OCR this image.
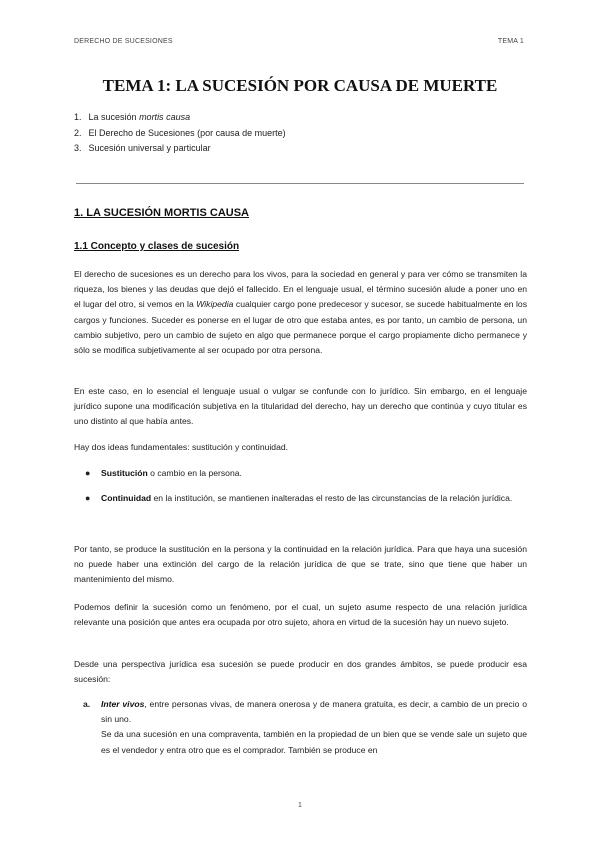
DERECHO DE SUCESIONES	TEMA 1
TEMA 1: LA SUCESIÓN POR CAUSA DE MUERTE
1. La sucesión mortis causa
2. El Derecho de Sucesiones (por causa de muerte)
3. Sucesión universal y particular
1. LA SUCESIÓN MORTIS CAUSA
1.1 Concepto y clases de sucesión

El derecho de sucesiones es un derecho para los vivos, para la sociedad en general y para ver cómo se transmiten la riqueza, los bienes y las deudas que dejó el fallecido. En el lenguaje usual, el término sucesión alude a poner uno en el lugar del otro, si vemos en la Wikipedia cualquier cargo pone predecesor y sucesor, se sucede habitualmente en los cargos y funciones. Suceder es ponerse en el lugar de otro que estaba antes, es por tanto, un cambio de persona, un cambio subjetivo, pero un cambio de sujeto en algo que permanece porque el cargo propiamente dicho permanece y sólo se modifica subjetivamente al ser ocupado por otra persona.

En este caso, en lo esencial el lenguaje usual o vulgar se confunde con lo jurídico. Sin embargo, en el lenguaje jurídico supone una modificación subjetiva en la titularidad del derecho, hay un derecho que continúa y cuyo titular es uno distinto al que había antes.

Hay dos ideas fundamentales: sustitución y continuidad.

● Sustitución o cambio en la persona.
● Continuidad en la institución, se mantienen inalteradas el resto de las circunstancias de la relación jurídica.

Por tanto, se produce la sustitución en la persona y la continuidad en la relación jurídica. Para que haya una sucesión no puede haber una extinción del cargo de la relación jurídica de que se trate, sino que tiene que haber un mantenimiento del mismo.

Podemos definir la sucesión como un fenómeno, por el cual, un sujeto asume respecto de una relación jurídica relevante una posición que antes era ocupada por otro sujeto, ahora en virtud de la sucesión hay un nuevo sujeto.

Desde una perspectiva jurídica esa sucesión se puede producir en dos grandes ámbitos, se puede producir esa sucesión:

a. Inter vivos, entre personas vivas, de manera onerosa y de manera gratuita, es decir, a cambio de un precio o sin uno.
Se da una sucesión en una compraventa, también en la propiedad de un bien que se vende sale un sujeto que es el vendedor y entra otro que es el comprador. También se produce en
1
